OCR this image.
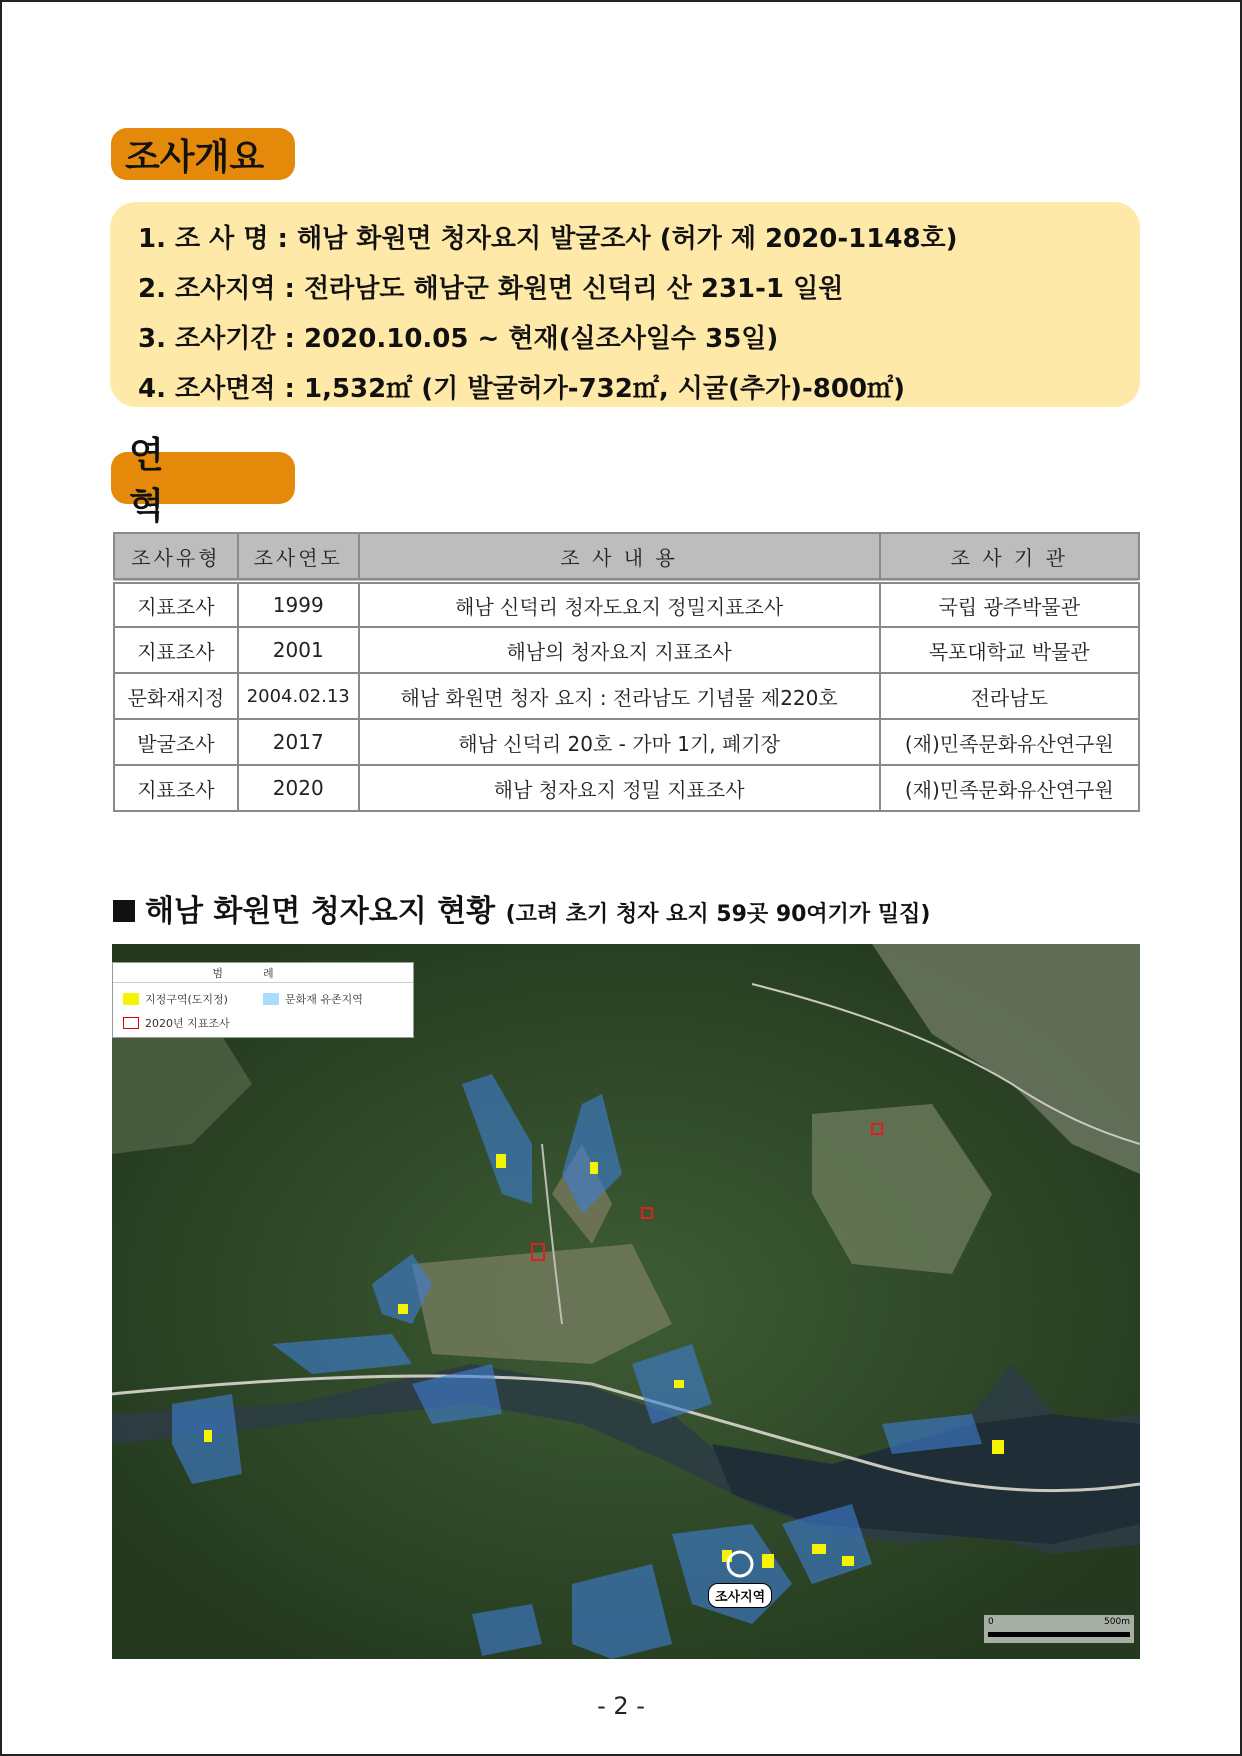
조사개요
1. 조 사 명 : 해남 화원면 청자요지 발굴조사 (허가 제 2020-1148호)
2. 조사지역 : 전라남도 해남군 화원면 신덕리 산 231-1 일원
3. 조사기간 : 2020.10.05 ~ 현재(실조사일수 35일)
4. 조사면적 : 1,532㎡ (기 발굴허가-732㎡, 시굴(추가)-800㎡)
연혁
조사유형	조사연도	조 사 내 용	조 사 기 관
지표조사	1999	해남 신덕리 청자도요지 정밀지표조사	국립 광주박물관
지표조사	2001	해남의 청자요지 지표조사	목포대학교 박물관
문화재지정	2004.02.13	해남 화원면 청자 요지 : 전라남도 기념물 제220호	전라남도
발굴조사	2017	해남 신덕리 20호 - 가마 1기, 폐기장	(재)민족문화유산연구원
지표조사	2020	해남 청자요지 정밀 지표조사	(재)민족문화유산연구원
해남 화원면 청자요지 현황 (고려 초기 청자 요지 59곳 90여기가 밀집)
범례
지정구역(도지정)	문화재 유존지역
2020년 지표조사
조사지역
0	500m
- 2 -
